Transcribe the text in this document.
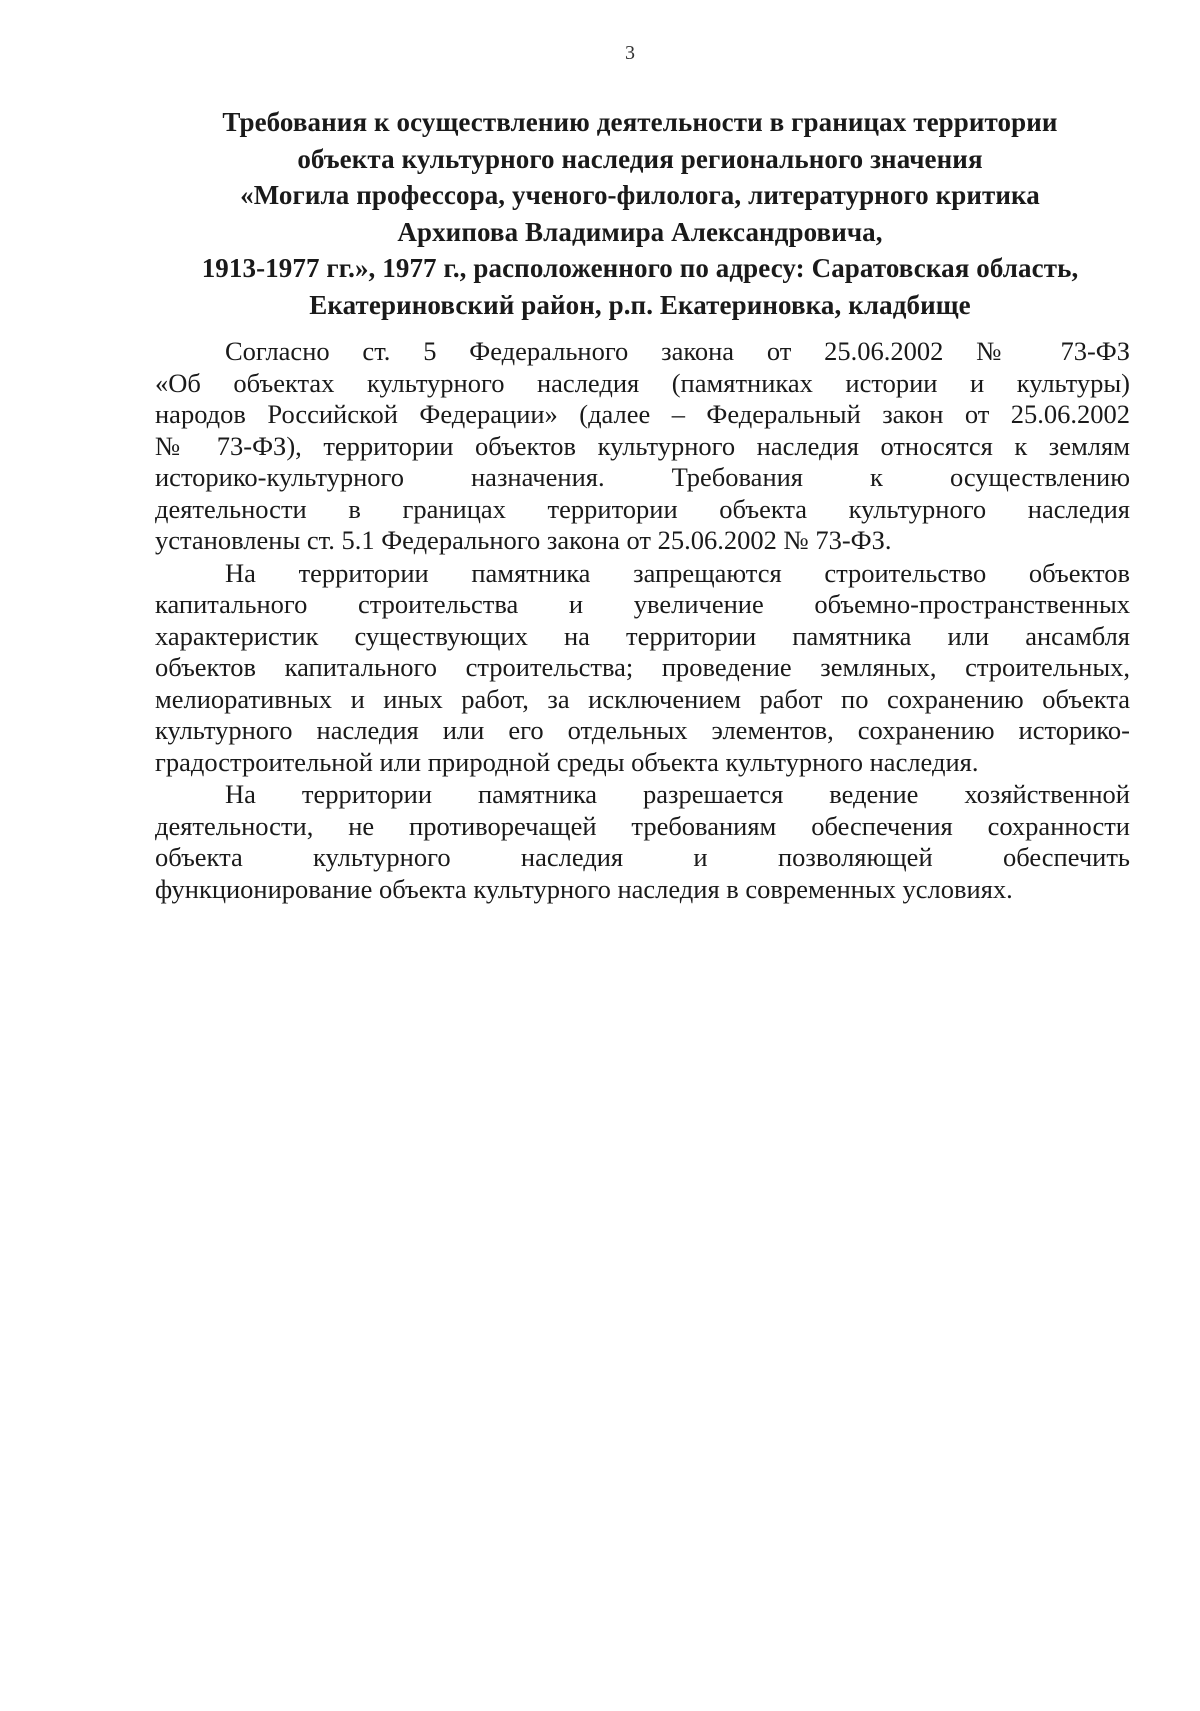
3
Требования к осуществлению деятельности в границах территории
объекта культурного наследия регионального значения
«Могила профессора, ученого-филолога, литературного критика
Архипова Владимира Александровича,
1913-1977 гг.», 1977 г., расположенного по адресу: Саратовская область,
Екатериновский район, р.п. Екатериновка, кладбище
Согласно ст. 5 Федерального закона от 25.06.2002 № 73-ФЗ
«Об объектах культурного наследия (памятниках истории и культуры)
народов Российской Федерации» (далее – Федеральный закон от 25.06.2002
№ 73-ФЗ), территории объектов культурного наследия относятся к землям
историко-культурного назначения. Требования к осуществлению
деятельности в границах территории объекта культурного наследия
установлены ст. 5.1 Федерального закона от 25.06.2002 № 73-ФЗ.
На территории памятника запрещаются строительство объектов
капитального строительства и увеличение объемно-пространственных
характеристик существующих на территории памятника или ансамбля
объектов капитального строительства; проведение земляных, строительных,
мелиоративных и иных работ, за исключением работ по сохранению объекта
культурного наследия или его отдельных элементов, сохранению историко-
градостроительной или природной среды объекта культурного наследия.
На территории памятника разрешается ведение хозяйственной
деятельности, не противоречащей требованиям обеспечения сохранности
объекта культурного наследия и позволяющей обеспечить
функционирование объекта культурного наследия в современных условиях.
